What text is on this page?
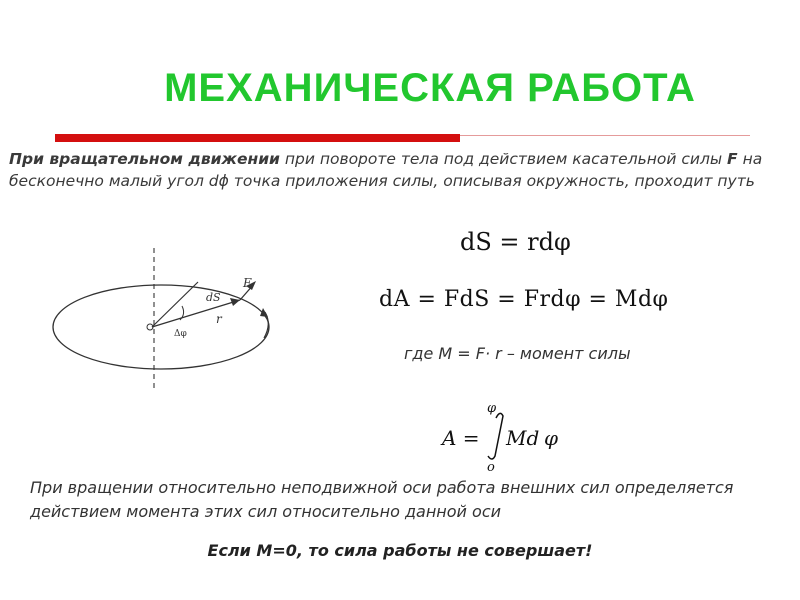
МЕХАНИЧЕСКАЯ РАБОТА
При вращательном движении при повороте тела под действием касательной силы F на бесконечно малый угол dϕ точка приложения силы, описывая окружность, проходит путь
F
dS
r
Δφ
dS = rdφ
dA = FdS = Frdφ = Mdφ
где М = F· r – момент силы
A =
φ
o
Md φ
При вращении относительно неподвижной оси работа внешних сил определяется действием момента этих сил относительно данной оси
Если М=0, то сила работы не совершает!
